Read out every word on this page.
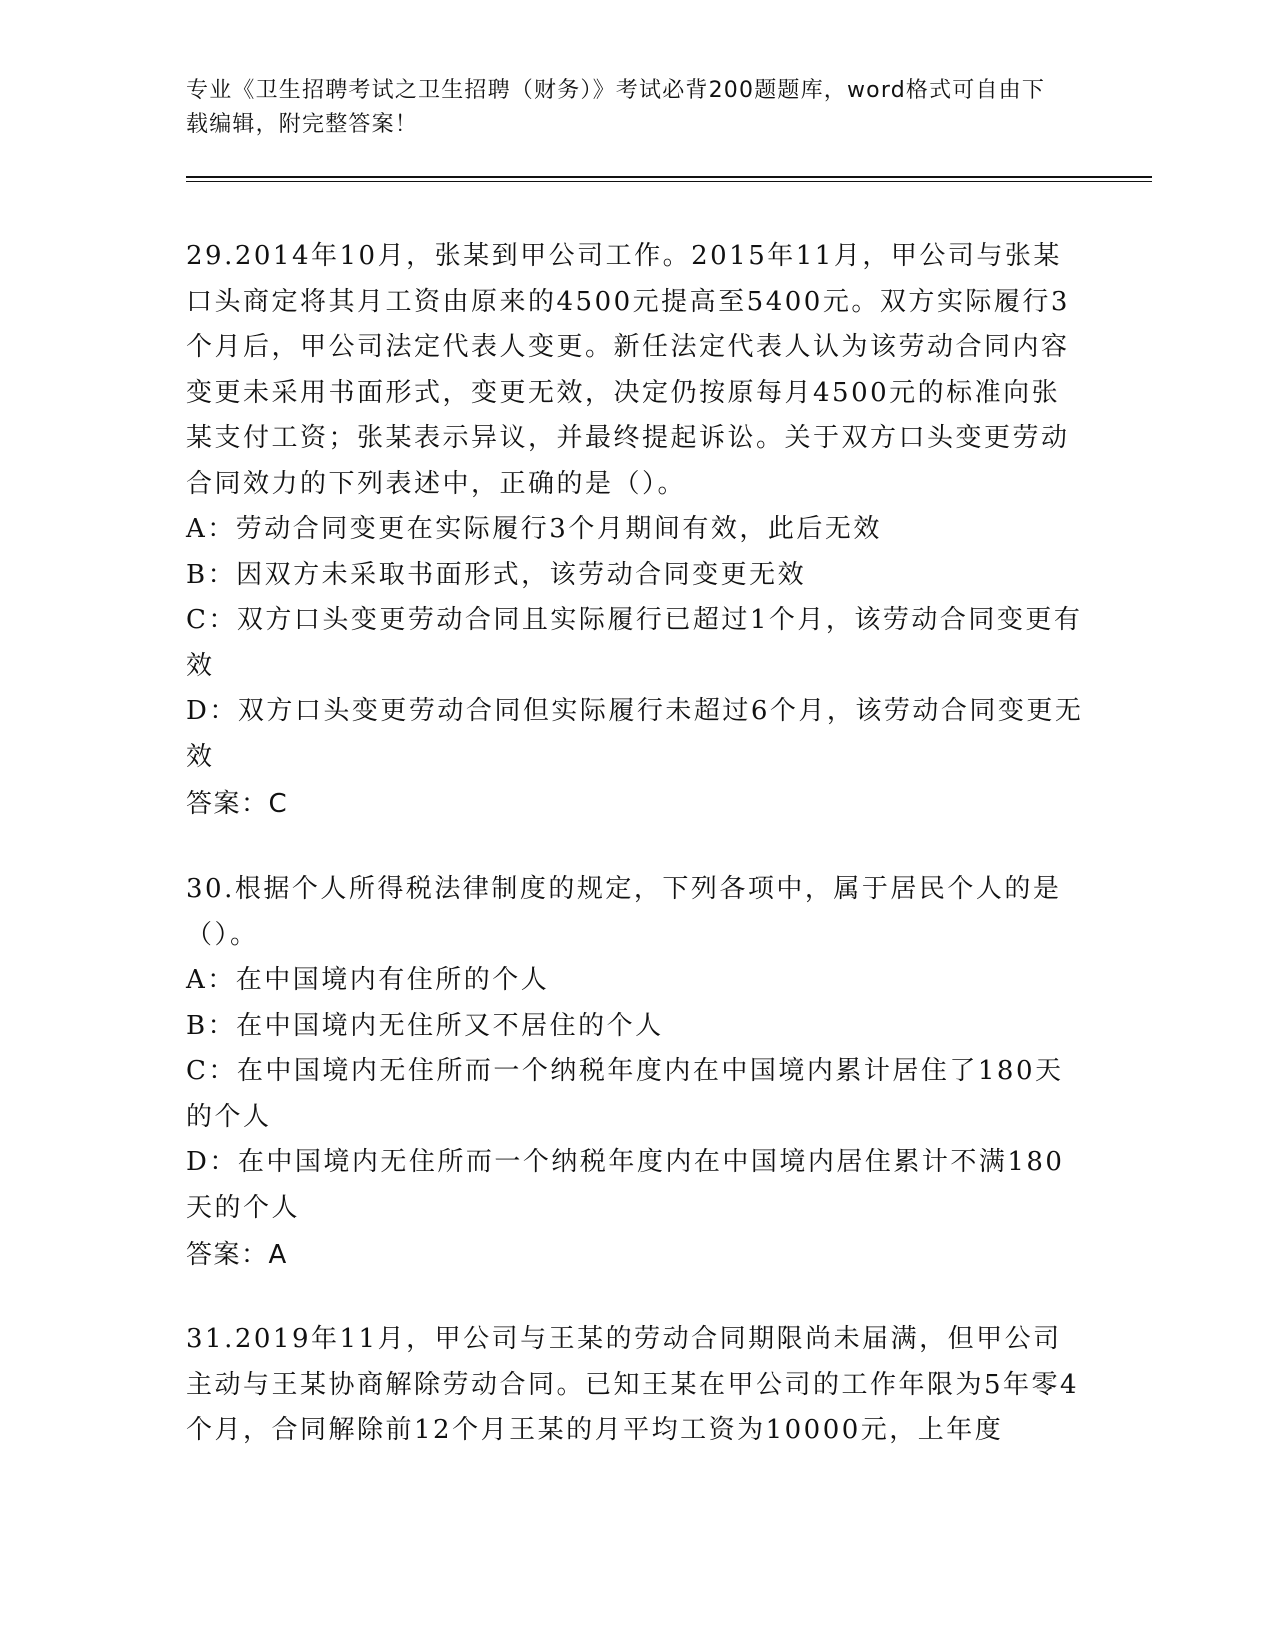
专业《卫生招聘考试之卫生招聘（财务）》考试必背200题题库，word格式可自由下载编辑，附完整答案！

29.2014年10月，张某到甲公司工作。2015年11月，甲公司与张某口头商定将其月工资由原来的4500元提高至5400元。双方实际履行3个月后，甲公司法定代表人变更。新任法定代表人认为该劳动合同内容变更未采用书面形式，变更无效，决定仍按原每月4500元的标准向张某支付工资；张某表示异议，并最终提起诉讼。关于双方口头变更劳动合同效力的下列表述中，正确的是（）。

A：劳动合同变更在实际履行3个月期间有效，此后无效

B：因双方未采取书面形式，该劳动合同变更无效

C：双方口头变更劳动合同且实际履行已超过1个月，该劳动合同变更有效

D：双方口头变更劳动合同但实际履行未超过6个月，该劳动合同变更无效

答案：C

30.根据个人所得税法律制度的规定，下列各项中，属于居民个人的是（）。

A：在中国境内有住所的个人

B：在中国境内无住所又不居住的个人

C：在中国境内无住所而一个纳税年度内在中国境内累计居住了180天的个人

D：在中国境内无住所而一个纳税年度内在中国境内居住累计不满180天的个人

答案：A

31.2019年11月，甲公司与王某的劳动合同期限尚未届满，但甲公司主动与王某协商解除劳动合同。已知王某在甲公司的工作年限为5年零4个月，合同解除前12个月王某的月平均工资为10000元，上年度
